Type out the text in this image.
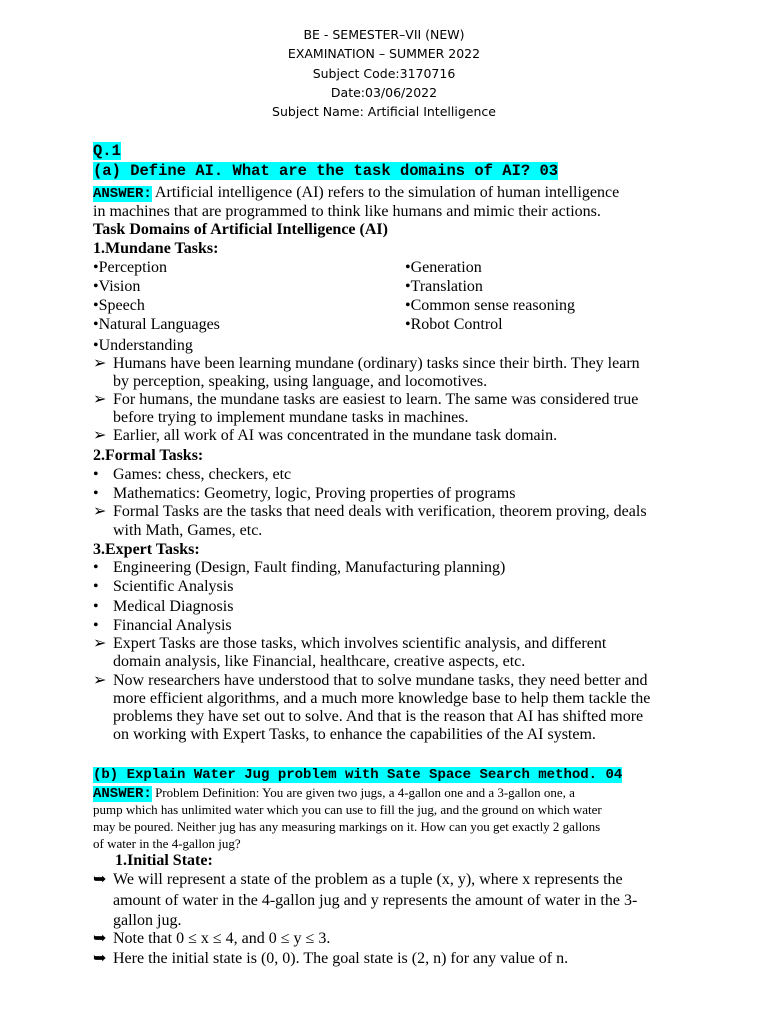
BE - SEMESTER–VII (NEW)
EXAMINATION – SUMMER 2022
Subject Code:3170716
Date:03/06/2022
Subject Name: Artificial Intelligence
Q.1
(a) Define AI. What are the task domains of AI? 03
ANSWER: Artificial intelligence (AI) refers to the simulation of human intelligence
in machines that are programmed to think like humans and mimic their actions.
Task Domains of Artificial Intelligence (AI)
1.Mundane Tasks:
•Perception
•Vision
•Speech
•Natural Languages
•Understanding
•Generation
•Translation
•Common sense reasoning
•Robot Control
➢ Humans have been learning mundane (ordinary) tasks since their birth. They learn
by perception, speaking, using language, and locomotives.
➢ For humans, the mundane tasks are easiest to learn. The same was considered true
before trying to implement mundane tasks in machines.
➢ Earlier, all work of AI was concentrated in the mundane task domain.
2.Formal Tasks:
• Games: chess, checkers, etc
• Mathematics: Geometry, logic, Proving properties of programs
➢ Formal Tasks are the tasks that need deals with verification, theorem proving, deals
with Math, Games, etc.
3.Expert Tasks:
• Engineering (Design, Fault finding, Manufacturing planning)
• Scientific Analysis
• Medical Diagnosis
• Financial Analysis
➢ Expert Tasks are those tasks, which involves scientific analysis, and different
domain analysis, like Financial, healthcare, creative aspects, etc.
➢ Now researchers have understood that to solve mundane tasks, they need better and
more efficient algorithms, and a much more knowledge base to help them tackle the
problems they have set out to solve. And that is the reason that AI has shifted more
on working with Expert Tasks, to enhance the capabilities of the AI system.
(b) Explain Water Jug problem with Sate Space Search method. 04
ANSWER: Problem Definition: You are given two jugs, a 4-gallon one and a 3-gallon one, a
pump which has unlimited water which you can use to fill the jug, and the ground on which water
may be poured. Neither jug has any measuring markings on it. How can you get exactly 2 gallons
of water in the 4-gallon jug?
1.Initial State:
➥ We will represent a state of the problem as a tuple (x, y), where x represents the
amount of water in the 4-gallon jug and y represents the amount of water in the 3-
gallon jug.
➥ Note that 0 ≤ x ≤ 4, and 0 ≤ y ≤ 3.
➥ Here the initial state is (0, 0). The goal state is (2, n) for any value of n.
